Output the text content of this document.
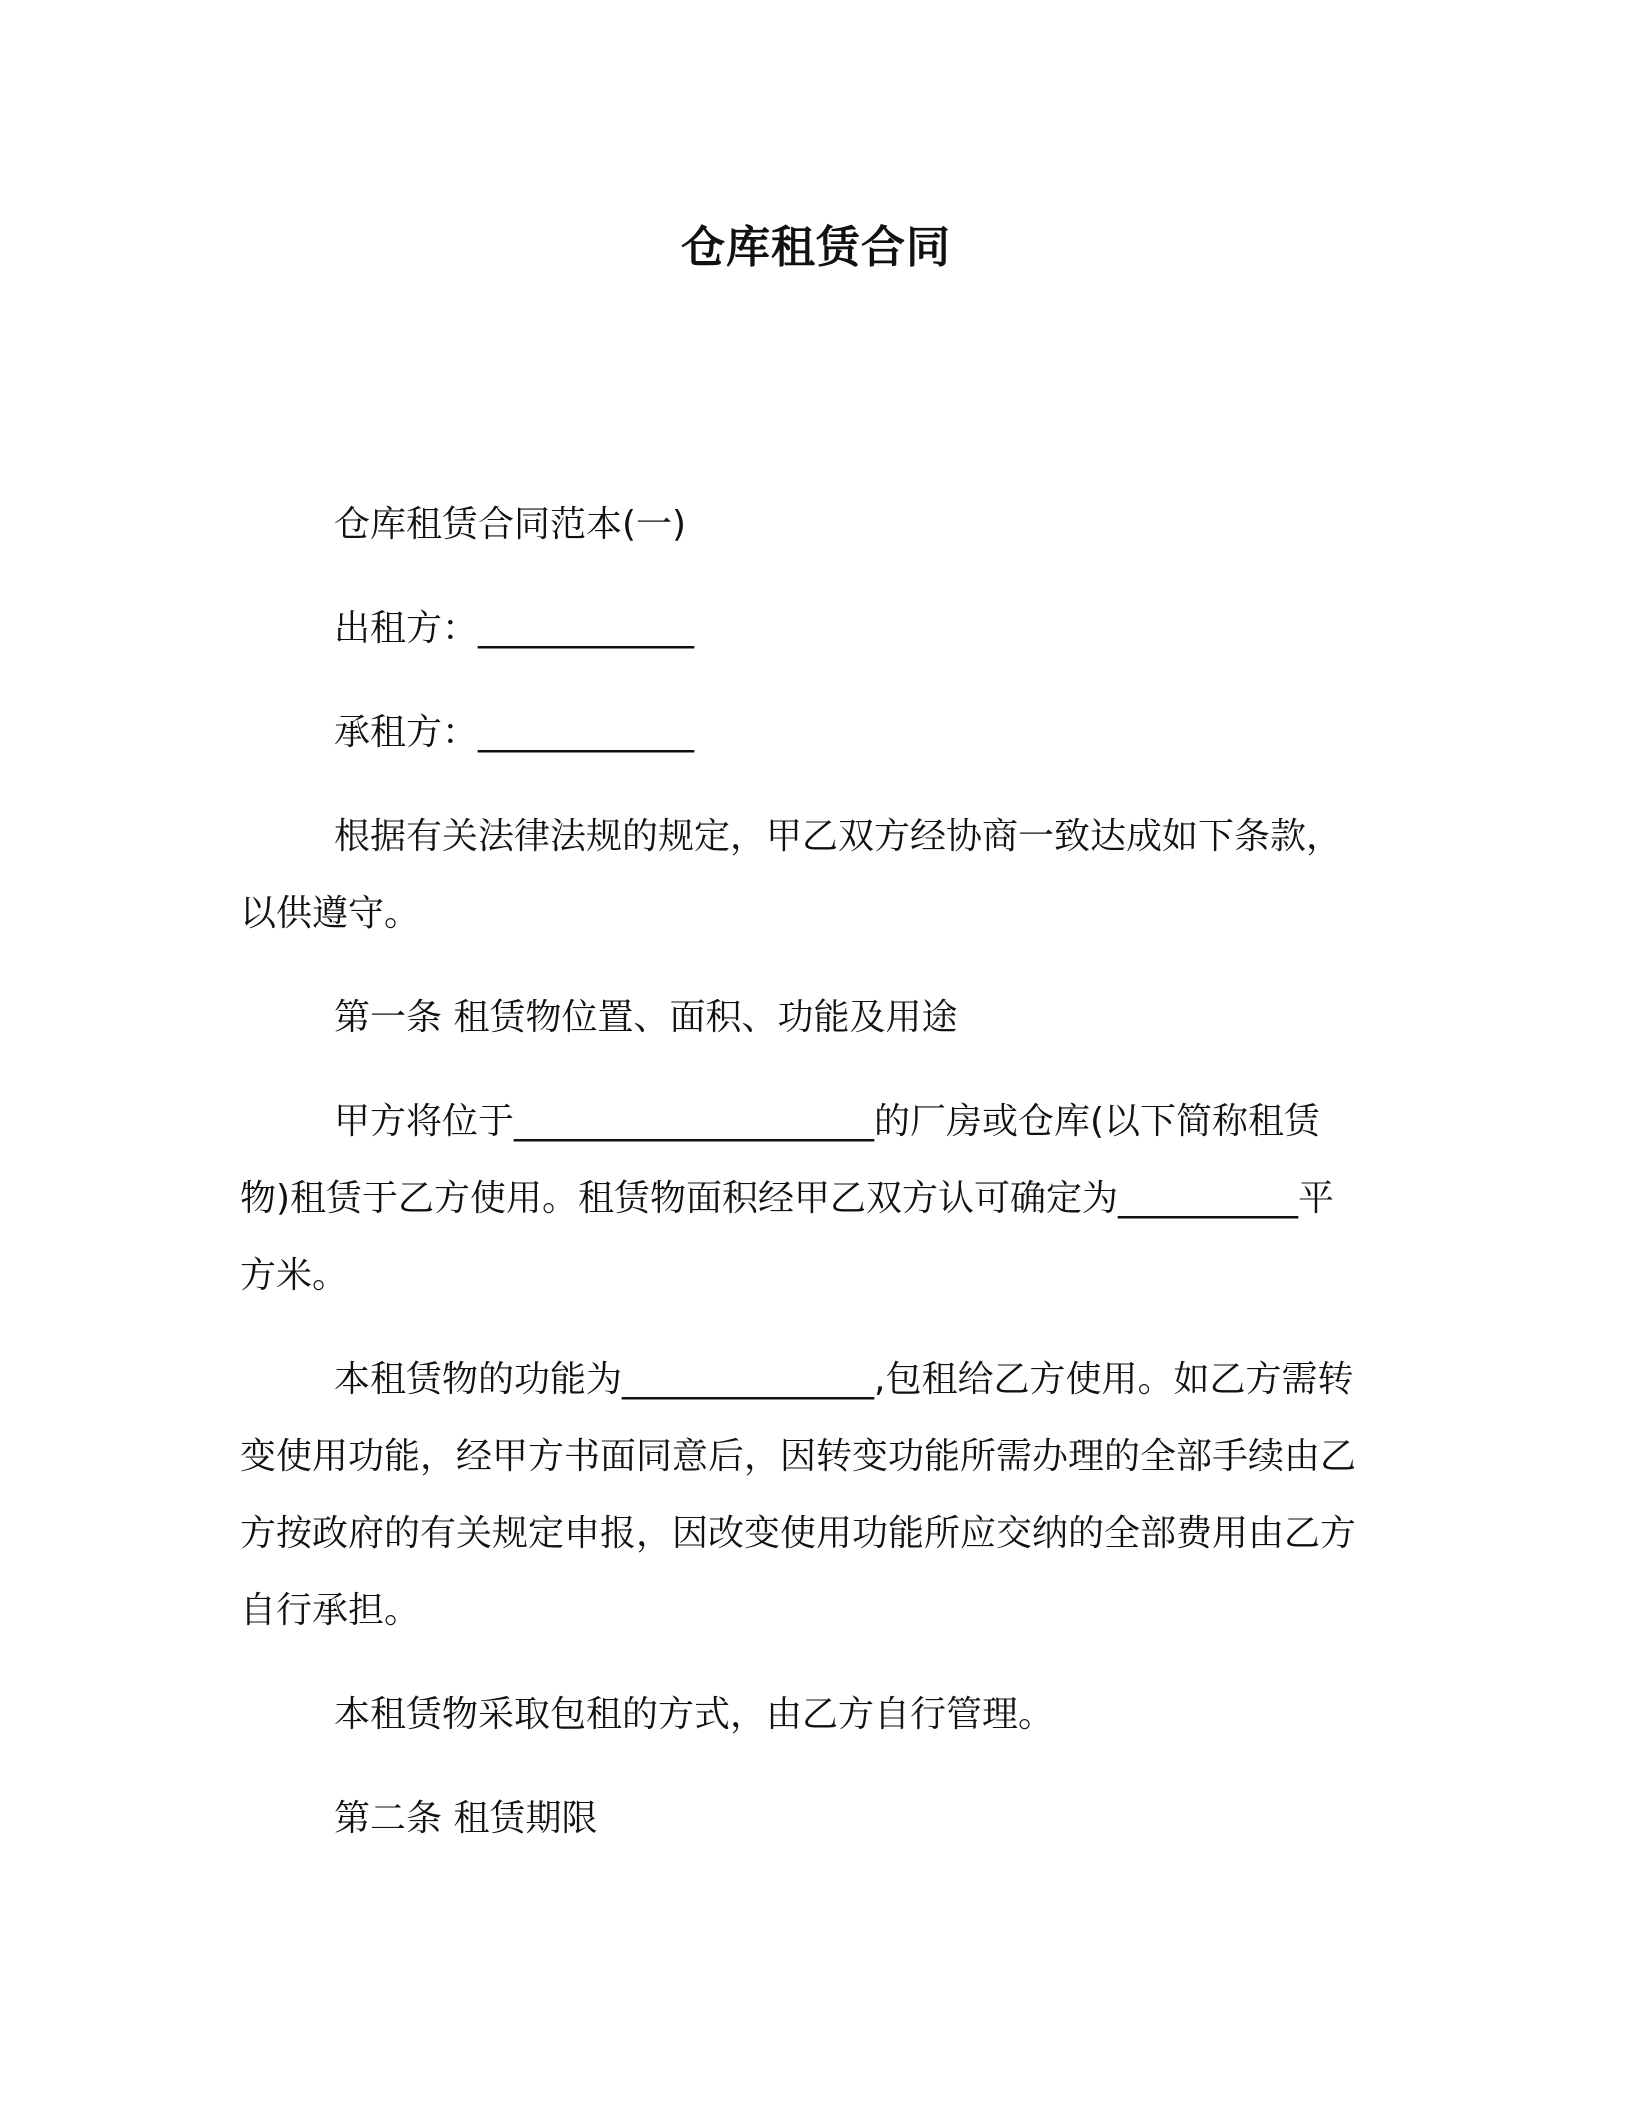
仓库租赁合同

仓库租赁合同范本(一)

出租方：____________

承租方：____________

根据有关法律法规的规定，甲乙双方经协商一致达成如下条款，以供遵守。

第一条 租赁物位置、面积、功能及用途

甲方将位于____________________的厂房或仓库(以下简称租赁物)租赁于乙方使用。租赁物面积经甲乙双方认可确定为__________平方米。

本租赁物的功能为______________,包租给乙方使用。如乙方需转变使用功能，经甲方书面同意后，因转变功能所需办理的全部手续由乙方按政府的有关规定申报，因改变使用功能所应交纳的全部费用由乙方自行承担。

本租赁物采取包租的方式，由乙方自行管理。

第二条 租赁期限
